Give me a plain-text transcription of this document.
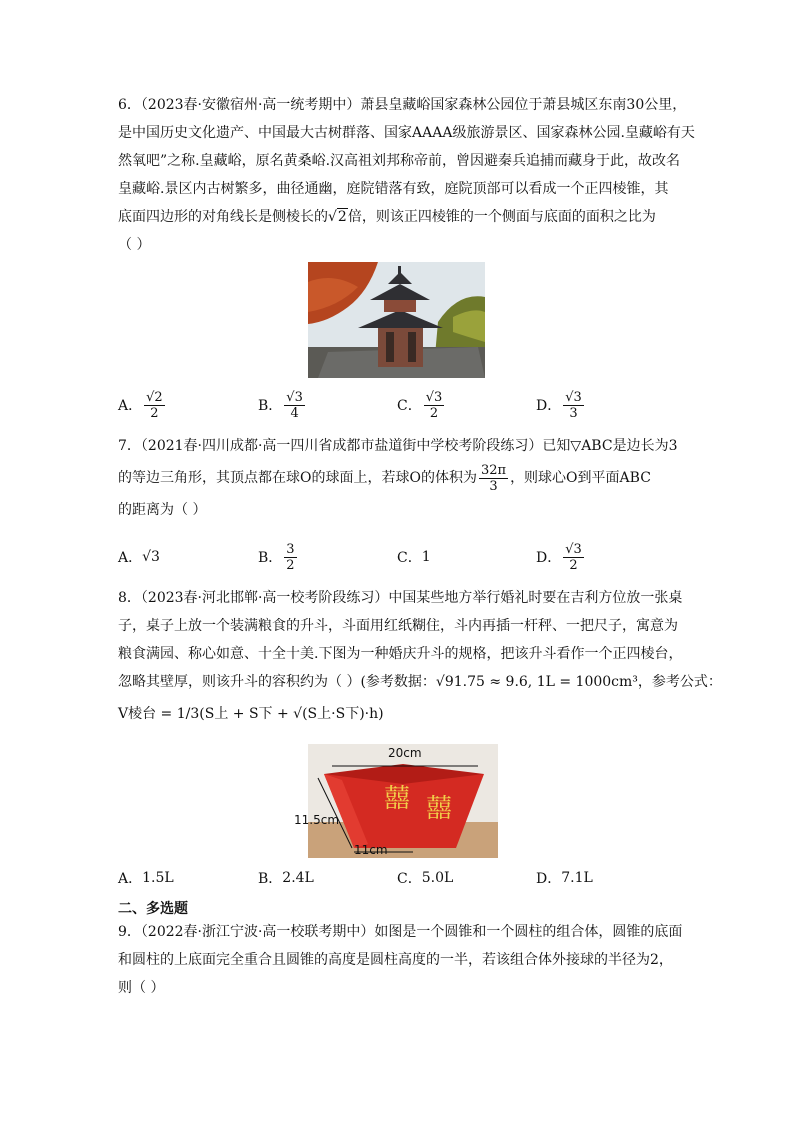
6．（2023春·安徽宿州·高一统考期中）萧县皇藏峪国家森林公园位于萧县城区东南30公里，
是中国历史文化遗产、中国最大古树群落、国家AAAA级旅游景区、国家森林公园.皇藏峪有天
然氧吧”之称.皇藏峪，原名黄桑峪.汉高祖刘邦称帝前，曾因避秦兵追捕而藏身于此，故改名
皇藏峪.景区内古树繁多，曲径通幽，庭院错落有致，庭院顶部可以看成一个正四棱锥，其
底面四边形的对角线长是侧棱长的√2倍，则该正四棱锥的一个侧面与底面的面积之比为
（ ）
A． $\frac{√2}{2}$	B． $\frac{√3}{4}$	C． $\frac{√3}{2}$	D． $\frac{√3}{3}$
7．（2021春·四川成都·高一四川省成都市盐道街中学校考阶段练习）已知▽ABC是边长为3
的等边三角形，其顶点都在球O的球面上，若球O的体积为 $\frac{32\pi}{3}$ ，则球心O到平面ABC
的距离为（ ）
A． √3	B． $\frac{3}{2}$	C． 1	D． $\frac{√3}{2}$
8．（2023春·河北邯郸·高一校考阶段练习）中国某些地方举行婚礼时要在吉利方位放一张桌
子，桌子上放一个装满粮食的升斗，斗面用红纸糊住，斗内再插一杆秤、一把尺子，寓意为
粮食满园、称心如意、十全十美.下图为一种婚庆升斗的规格，把该升斗看作一个正四棱台，
忽略其壁厚，则该升斗的容积约为（ ）(参考数据：√91.75 ≈ 9.6, 1L = 1000cm³，参考公式：
V棱台 = 1/3(S上 + S下 + √(S上·S下)·h)
囍 囍
20cm
11.5cm
11cm
A． 1.5L	B． 2.4L	C． 5.0L	D． 7.1L
二、多选题
9．（2022春·浙江宁波·高一校联考期中）如图是一个圆锥和一个圆柱的组合体，圆锥的底面
和圆柱的上底面完全重合且圆锥的高度是圆柱高度的一半，若该组合体外接球的半径为2，
则（ ）
